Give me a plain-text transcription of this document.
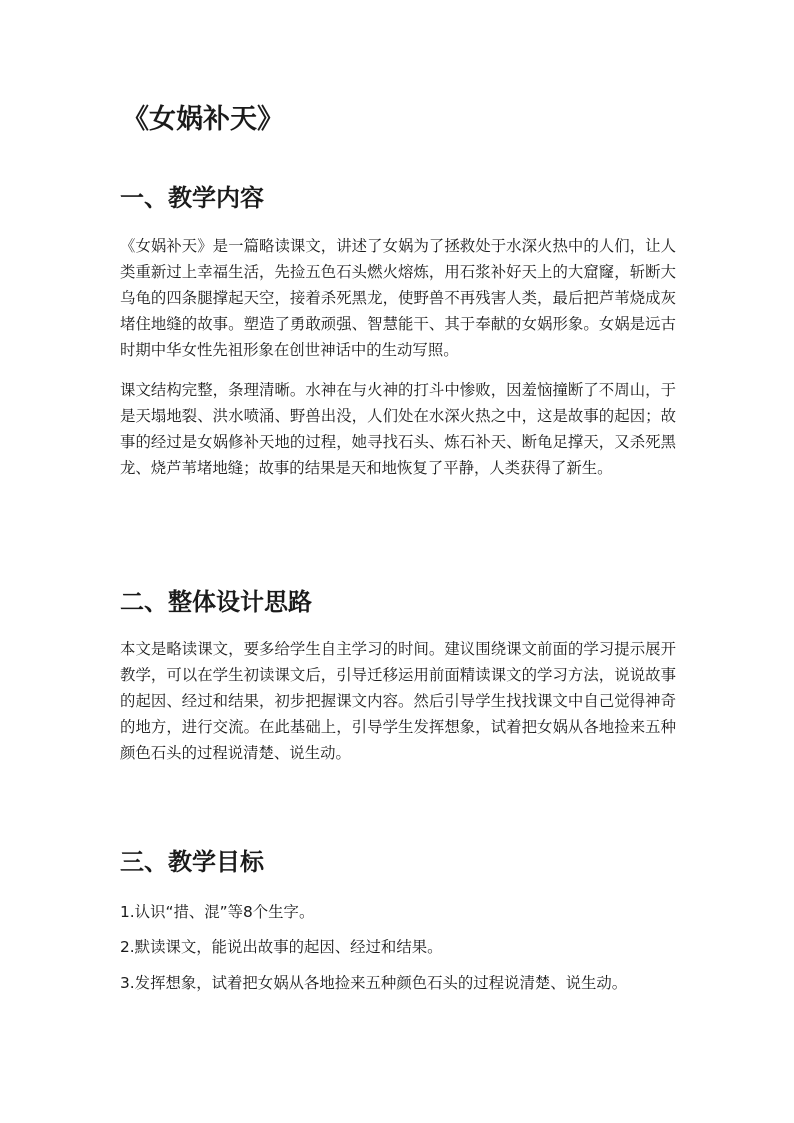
《女娲补天》
一、教学内容

《女娲补天》是一篇略读课文，讲述了女娲为了拯救处于水深火热中的人们，让人类重新过上幸福生活，先捡五色石头燃火熔炼，用石浆补好天上的大窟窿，斩断大乌龟的四条腿撑起天空，接着杀死黑龙，使野兽不再残害人类，最后把芦苇烧成灰堵住地缝的故事。塑造了勇敢顽强、智慧能干、其于奉献的女娲形象。女娲是远古时期中华女性先祖形象在创世神话中的生动写照。

课文结构完整，条理清晰。水神在与火神的打斗中惨败，因羞恼撞断了不周山，于是天塌地裂、洪水喷涌、野兽出没，人们处在水深火热之中，这是故事的起因；故事的经过是女娲修补天地的过程，她寻找石头、炼石补天、断龟足撑天，又杀死黑龙、烧芦苇堵地缝；故事的结果是天和地恢复了平静，人类获得了新生。

二、整体设计思路

本文是略读课文，要多给学生自主学习的时间。建议围绕课文前面的学习提示展开教学，可以在学生初读课文后，引导迁移运用前面精读课文的学习方法，说说故事的起因、经过和结果，初步把握课文内容。然后引导学生找找课文中自己觉得神奇的地方，进行交流。在此基础上，引导学生发挥想象，试着把女娲从各地捡来五种颜色石头的过程说清楚、说生动。

三、教学目标

1.认识“措、混”等8个生字。

2.默读课文，能说出故事的起因、经过和结果。

3.发挥想象，试着把女娲从各地捡来五种颜色石头的过程说清楚、说生动。
